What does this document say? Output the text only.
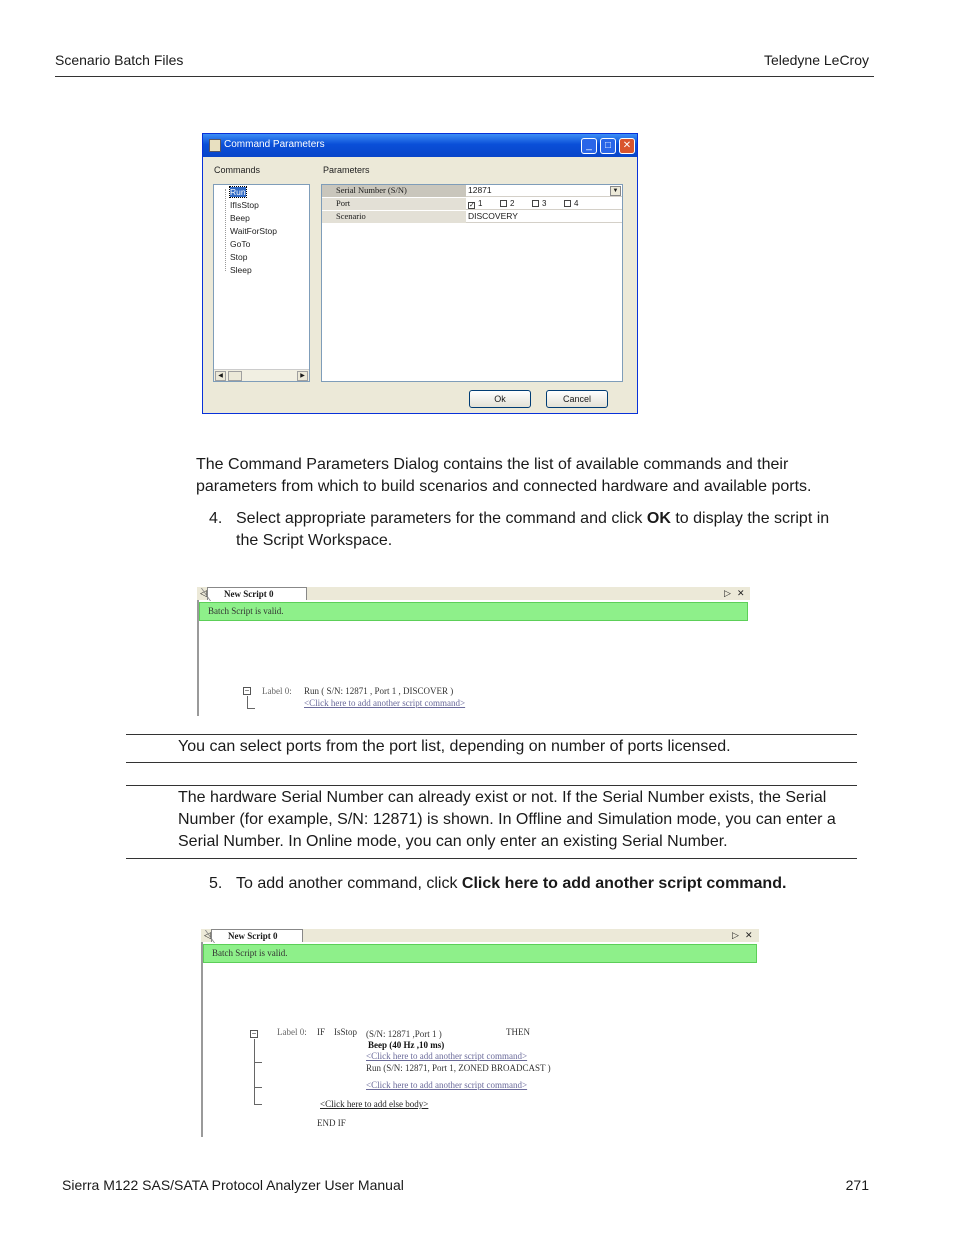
Scenario Batch Files	Teledyne LeCroy
Command Parameters	_	□	✕
Commands	Parameters
Run
IfIsStop
Beep
WaitForStop
GoTo
Stop
Sleep
◀	▶
Serial Number (S/N)	12871	▼
Port	✓ 1	2	3	4
Scenario	DISCOVERY
Ok	Cancel
The Command Parameters Dialog contains the list of available commands and their
parameters from which to build scenarios and connected hardware and available ports.
4. Select appropriate parameters for the command and click OK to display the script in
the Script Workspace.
◁	New Script 0	▷ ✕
Batch Script is valid.
− Label 0: Run ( S/N: 12871 , Port 1 , DISCOVER )
<Click here to add another script command>
You can select ports from the port list, depending on number of ports licensed.
The hardware Serial Number can already exist or not. If the Serial Number exists, the Serial
Number (for example, S/N: 12871) is shown. In Offline and Simulation mode, you can enter a
Serial Number. In Online mode, you can only enter an existing Serial Number.
5. To add another command, click Click here to add another script command.
◁	New Script 0	▷ ✕
Batch Script is valid.
− Label 0: IF IsStop (S/N: 12871 ,Port 1 )	THEN
Beep (40 Hz ,10 ms)
<Click here to add another script command>
Run (S/N: 12871, Port 1, ZONED BROADCAST )
<Click here to add another script command>
<Click here to add else body>
END IF
Sierra M122 SAS/SATA Protocol Analyzer User Manual	271
